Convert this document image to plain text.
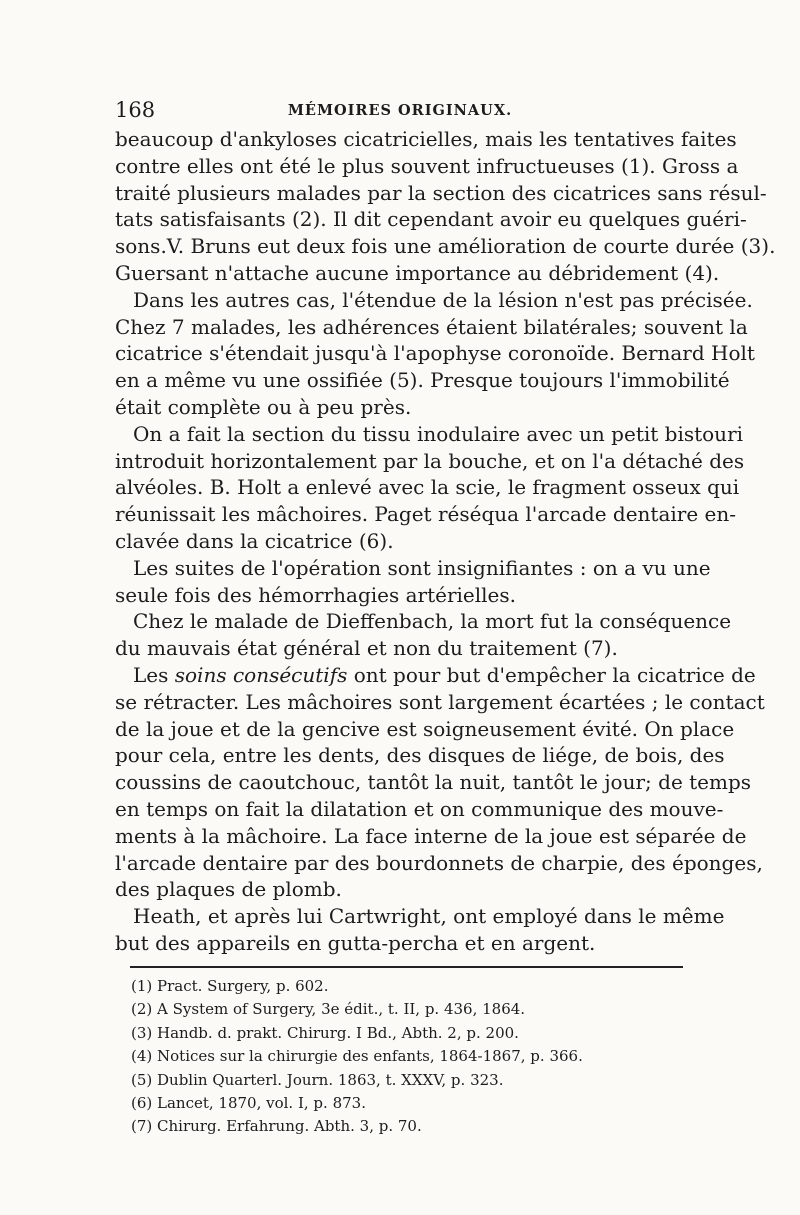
168	MÉMOIRES ORIGINAUX.

beaucoup d'ankyloses cicatricielles, mais les tentatives faites
contre elles ont été le plus souvent infructueuses (1). Gross a
traité plusieurs malades par la section des cicatrices sans résul-
tats satisfaisants (2). Il dit cependant avoir eu quelques guéri-
sons.V. Bruns eut deux fois une amélioration de courte durée (3).
Guersant n'attache aucune importance au débridement (4).

Dans les autres cas, l'étendue de la lésion n'est pas précisée.
Chez 7 malades, les adhérences étaient bilatérales; souvent la
cicatrice s'étendait jusqu'à l'apophyse coronoïde. Bernard Holt
en a même vu une ossifiée (5). Presque toujours l'immobilité
était complète ou à peu près.

On a fait la section du tissu inodulaire avec un petit bistouri
introduit horizontalement par la bouche, et on l'a détaché des
alvéoles. B. Holt a enlevé avec la scie, le fragment osseux qui
réunissait les mâchoires. Paget réséqua l'arcade dentaire en-
clavée dans la cicatrice (6).

Les suites de l'opération sont insignifiantes : on a vu une
seule fois des hémorrhagies artérielles.

Chez le malade de Dieffenbach, la mort fut la conséquence
du mauvais état général et non du traitement (7).

Les soins consécutifs ont pour but d'empêcher la cicatrice de
se rétracter. Les mâchoires sont largement écartées ; le contact
de la joue et de la gencive est soigneusement évité. On place
pour cela, entre les dents, des disques de liége, de bois, des
coussins de caoutchouc, tantôt la nuit, tantôt le jour; de temps
en temps on fait la dilatation et on communique des mouve-
ments à la mâchoire. La face interne de la joue est séparée de
l'arcade dentaire par des bourdonnets de charpie, des éponges,
des plaques de plomb.

Heath, et après lui Cartwright, ont employé dans le même
but des appareils en gutta-percha et en argent.

(1) Pract. Surgery, p. 602.
(2) A System of Surgery, 3e édit., t. II, p. 436, 1864.
(3) Handb. d. prakt. Chirurg. I Bd., Abth. 2, p. 200.
(4) Notices sur la chirurgie des enfants, 1864-1867, p. 366.
(5) Dublin Quarterl. Journ. 1863, t. XXXV, p. 323.
(6) Lancet, 1870, vol. I, p. 873.
(7) Chirurg. Erfahrung. Abth. 3, p. 70.
